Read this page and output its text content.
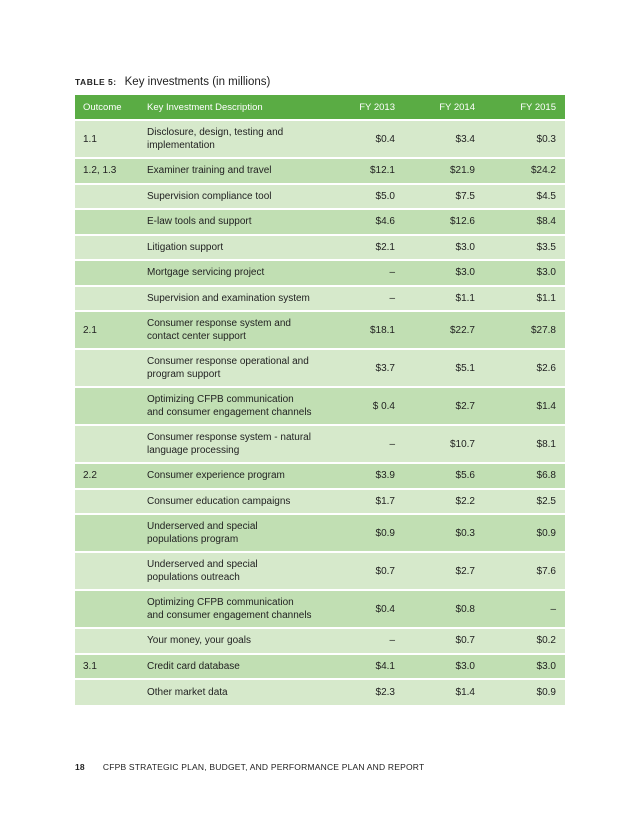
TABLE 5: Key investments (in millions)
Outcome	Key Investment Description	FY 2013	FY 2014	FY 2015
1.1	Disclosure, design, testing and
implementation	$0.4	$3.4	$0.3
1.2, 1.3	Examiner training and travel	$12.1	$21.9	$24.2

	Supervision compliance tool	$5.0	$7.5	$4.5

	E-law tools and support	$4.6	$12.6	$8.4

	Litigation support	$2.1	$3.0	$3.5

	Mortgage servicing project	–	$3.0	$3.0

	Supervision and examination system	–	$1.1	$1.1
2.1	Consumer response system and
contact center support	$18.1	$22.7	$27.8

	Consumer response operational and
program support	$3.7	$5.1	$2.6

	Optimizing CFPB communication
and consumer engagement channels	$ 0.4	$2.7	$1.4

	Consumer response system - natural
language processing	–	$10.7	$8.1
2.2	Consumer experience program	$3.9	$5.6	$6.8

	Consumer education campaigns	$1.7	$2.2	$2.5

	Underserved and special
populations program	$0.9	$0.3	$0.9

	Underserved and special
populations outreach	$0.7	$2.7	$7.6

	Optimizing CFPB communication
and consumer engagement channels	$0.4	$0.8	–

	Your money, your goals	–	$0.7	$0.2
3.1	Credit card database	$4.1	$3.0	$3.0

	Other market data	$2.3	$1.4	$0.9
18 CFPB STRATEGIC PLAN, BUDGET, AND PERFORMANCE PLAN AND REPORT
